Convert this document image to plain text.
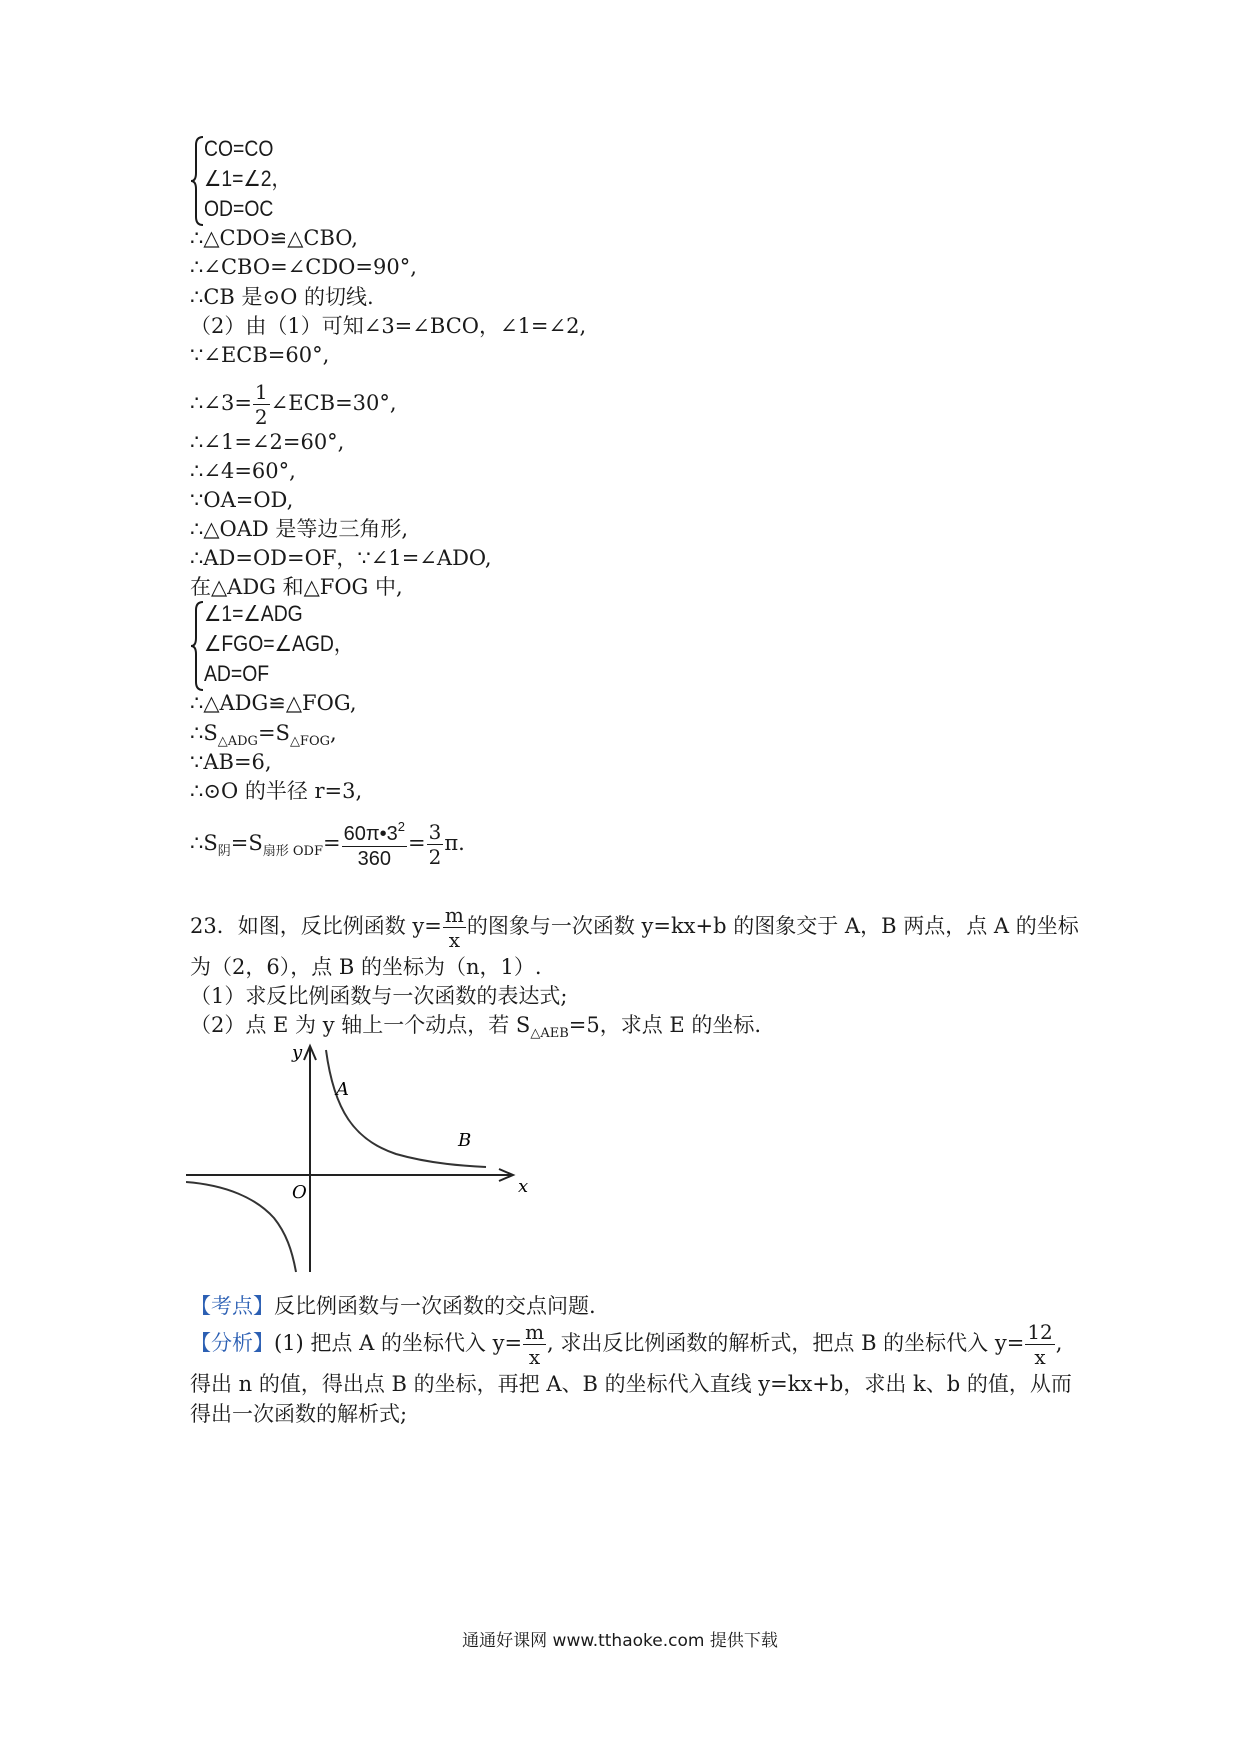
CO=CO
∠1=∠2，
OD=OC
∴△CDO≌△CBO,
∴∠CBO=∠CDO=90°,
∴CB 是⊙O 的切线.
（2）由（1）可知∠3=∠BCO，∠1=∠2,
∵∠ECB=60°,
∴∠3= $\frac{1}{2}$ ∠ECB=30°,
∴∠1=∠2=60°,
∴∠4=60°,
∵OA=OD,
∴△OAD 是等边三角形,
∴AD=OD=OF，∵∠1=∠ADO,
在△ADG 和△FOG 中,
∠1=∠ADG
∠FGO=∠AGD，
AD=OF
∴△ADG≌△FOG,
$\therefore S_{\triangle ADG}=S_{\triangle FOG}$,
∵AB=6,
∴⊙O 的半径 r=3,
$\therefore S_阴=S_{扇形 ODF}= \frac{60\pi•3^2}{360} = \frac{3}{2} \pi$.
23．如图，反比例函数 $y= \frac{m}{x}$ 的图象与一次函数 y=kx+b 的图象交于 A，B 两点，点 A 的坐标
为（2，6），点 B 的坐标为（n，1）.
（1）求反比例函数与一次函数的表达式;
（2）点 E 为 y 轴上一个动点，若 $S_{\triangle AEB}=5$，求点 E 的坐标.
y
x
O
A
B
【考点】反比例函数与一次函数的交点问题.
【分析】(1) 把点 A 的坐标代入 $y= \frac{m}{x}$ , 求出反比例函数的解析式，把点 B 的坐标代入 $y= \frac{12}{x}$ ,
得出 n 的值，得出点 B 的坐标，再把 A、B 的坐标代入直线 y=kx+b，求出 k、b 的值，从而
得出一次函数的解析式;
通通好课网 www.tthaoke.com 提供下载
